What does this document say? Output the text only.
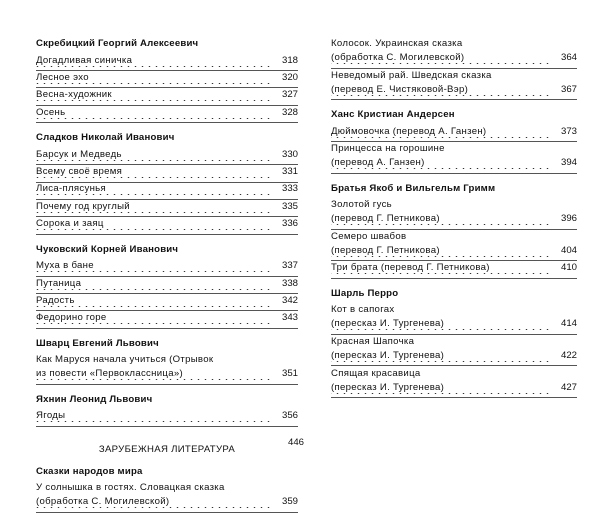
Скребицкий Георгий Алексеевич
Догадливая синичка	318
Лесное эхо	320
Весна-художник	327
Осень	328
Сладков Николай Иванович
Барсук и Медведь	330
Всему своё время	331
Лиса-плясунья	333
Почему год круглый	335
Сорока и заяц	336
Чуковский Корней Иванович
Муха в бане	337
Путаница	338
Радость	342
Федорино горе	343
Шварц Евгений Львович
Как Маруся начала учиться (Отрывок
из повести «Первоклассница»)	351
Яхнин Леонид Львович
Ягоды	356
ЗАРУБЕЖНАЯ ЛИТЕРАТУРА
Сказки народов мира
У солнышка в гостях. Словацкая сказка
(обработка С. Могилевской)	359
Колосок. Украинская сказка
(обработка С. Могилевской)	364
Неведомый рай. Шведская сказка
(перевод Е. Чистяковой-Вэр)	367
Ханс Кристиан Андерсен
Дюймовочка (перевод А. Ганзен)	373
Принцесса на горошине
(перевод А. Ганзен)	394
Братья Якоб и Вильгельм Гримм
Золотой гусь
(перевод Г. Петникова)	396
Семеро швабов
(перевод Г. Петникова)	404
Три брата (перевод Г. Петникова)	410
Шарль Перро
Кот в сапогах
(пересказ И. Тургенева)	414
Красная Шапочка
(пересказ И. Тургенева)	422
Спящая красавица
(пересказ И. Тургенева)	427
446
